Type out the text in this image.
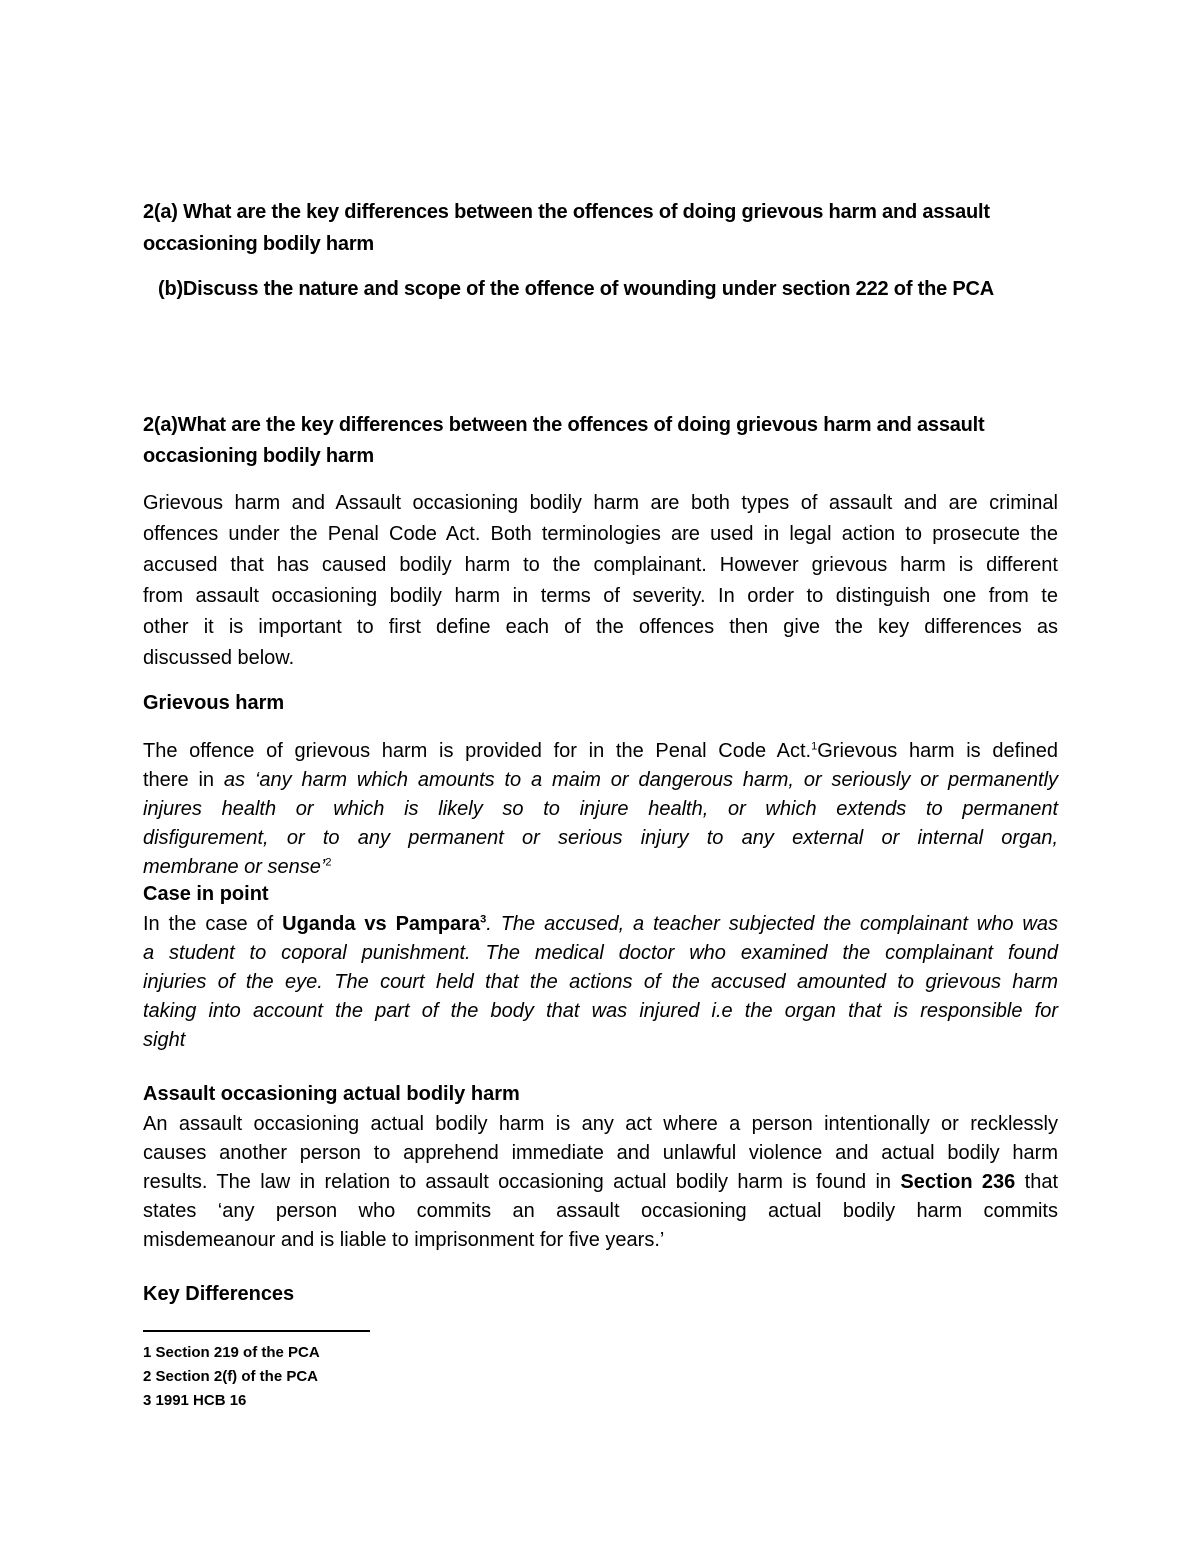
2(a) What are the key differences between the offences of doing grievous harm and assault
occasioning bodily harm
(b)Discuss the nature and scope of the offence of wounding under section 222 of the PCA
2(a)What are the key differences between the offences of doing grievous harm and assault
occasioning bodily harm
Grievous harm and Assault occasioning bodily harm are both types of assault and are criminal
offences under the Penal Code Act. Both terminologies are used in legal action to prosecute the
accused that has caused bodily harm to the complainant. However grievous harm is different
from assault occasioning bodily harm in terms of severity. In order to distinguish one from te
other it is important to first define each of the offences then give the key differences as
discussed below.
Grievous harm
The offence of grievous harm is provided for in the Penal Code Act.$^1$Grievous harm is defined
there in as ‘any harm which amounts to a maim or dangerous harm, or seriously or permanently
injures health or which is likely so to injure health, or which extends to permanent
disfigurement, or to any permanent or serious injury to any external or internal organ,
membrane or sense’$^2$
Case in point
In the case of Uganda vs Pampara$^3$. The accused, a teacher subjected the complainant who was
a student to coporal punishment. The medical doctor who examined the complainant found
injuries of the eye. The court held that the actions of the accused amounted to grievous harm
taking into account the part of the body that was injured i.e the organ that is responsible for
sight
Assault occasioning actual bodily harm
An assault occasioning actual bodily harm is any act where a person intentionally or recklessly
causes another person to apprehend immediate and unlawful violence and actual bodily harm
results. The law in relation to assault occasioning actual bodily harm is found in Section 236 that
states ‘any person who commits an assault occasioning actual bodily harm commits
misdemeanour and is liable to imprisonment for five years.’
Key Differences
1 Section 219 of the PCA
2 Section 2(f) of the PCA
3 1991 HCB 16
